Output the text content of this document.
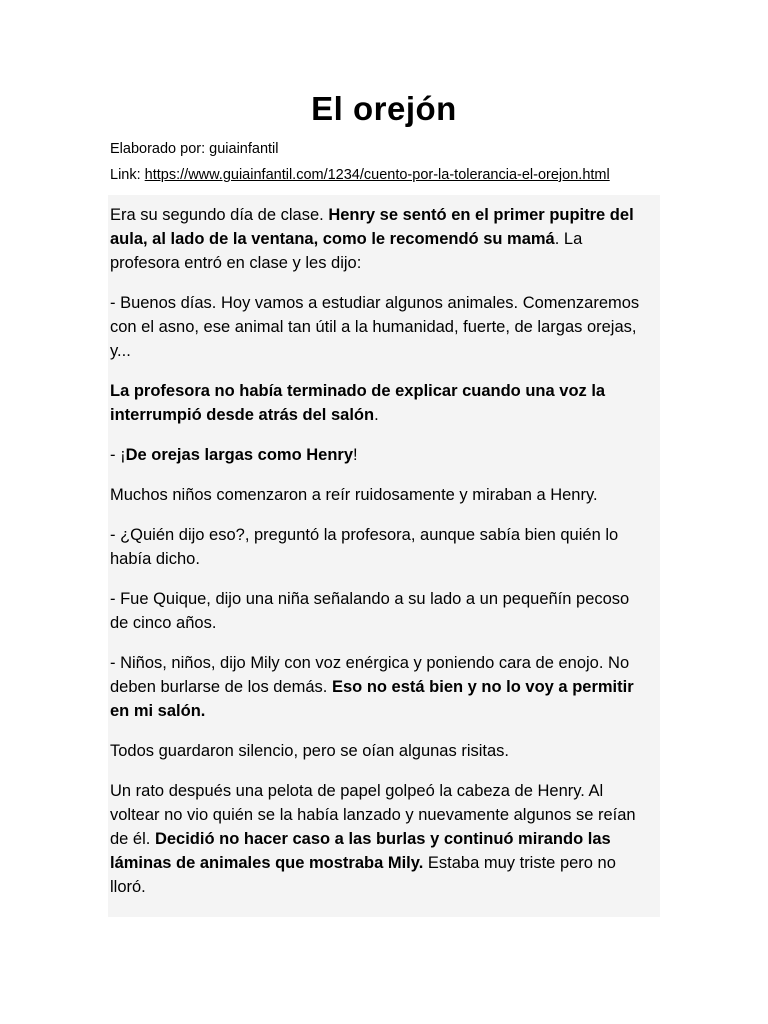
El orejón

Elaborado por: guiainfantil

Link: https://www.guiainfantil.com/1234/cuento-por-la-tolerancia-el-orejon.html

Era su segundo día de clase. Henry se sentó en el primer pupitre del aula, al lado de la ventana, como le recomendó su mamá. La profesora entró en clase y les dijo:

- Buenos días. Hoy vamos a estudiar algunos animales. Comenzaremos con el asno, ese animal tan útil a la humanidad, fuerte, de largas orejas, y...

La profesora no había terminado de explicar cuando una voz la interrumpió desde atrás del salón.

- ¡De orejas largas como Henry!

Muchos niños comenzaron a reír ruidosamente y miraban a Henry.

- ¿Quién dijo eso?, preguntó la profesora, aunque sabía bien quién lo había dicho.

- Fue Quique, dijo una niña señalando a su lado a un pequeñín pecoso de cinco años.

- Niños, niños, dijo Mily con voz enérgica y poniendo cara de enojo. No deben burlarse de los demás. Eso no está bien y no lo voy a permitir en mi salón.

Todos guardaron silencio, pero se oían algunas risitas.

Un rato después una pelota de papel golpeó la cabeza de Henry. Al voltear no vio quién se la había lanzado y nuevamente algunos se reían de él. Decidió no hacer caso a las burlas y continuó mirando las láminas de animales que mostraba Mily. Estaba muy triste pero no lloró.
